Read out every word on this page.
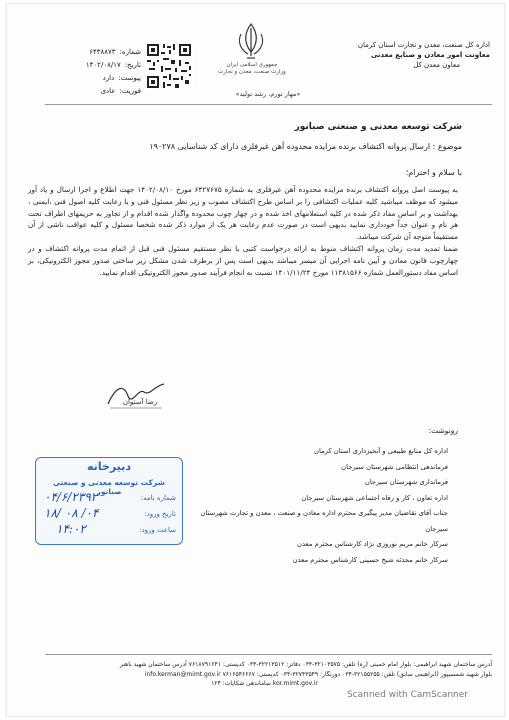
اداره کل صنعت، معدن و تجارت استان کرمان
معاونت امور معادن و صنایع معدنی
معاون معدن کل
جمهوری اسلامی ایران
وزارت صنعت، معدن و تجارت
شماره:
۶۴۳۸۸۷۳
تاریخ:
۱۴۰۲/۰۸/۱۷
پیوست:
دارد
فوریت:
عادی	«مهار تورم، رشد تولید»
شرکت توسعه معدنی و صنعتی صبانور
موضوع : ارسال پروانه اکتشاف برنده مزایده محدوده آهن غیرفلزی دارای کد شناسایی ۱۹۰۲۷۸
با سلام و احترام؛

به پیوست اصل پروانه اکتشاف برنده مزایده محدوده آهن غیرفلزی به شماره ۶۴۲۷۶۷۵ مورخ ۱۴۰۲/۰۸/۱۰ جهت اطلاع و اجرا ارسال و یاد آور میشود که موظف میباشید کلیه عملیات اکتشافی را بر اساس طرح اکتشاف مصوب و زیر نظر مسئول فنی و با رعایت کلیه اصول فنی ،ایمنی ، بهداشت و بر اساس مفاد ذکر شده در کلیه استعلامهای اخذ شده و در چهار چوب محدوده واگذار شده اقدام و از تجاوز به حریمهای اطراف تحت هر نام و عنوان جداً خودداری نمایید بدیهی است در صورت عدم رعایت هر یک از موارد ذکر شده شخصا مسئول و کلیه عواقب ناشی از آن مستقیماً متوجه آن شرکت میباشد.

ضمنا تمدید مدت زمان پروانه اکتشاف منوط به ارائه درخواست کتبی با نظر مستقیم مسئول فنی قبل از اتمام مدت پروانه اکتشاف و در چهارچوب قانون معادن و آیین نامه اجرایی آن میسر میباشد بدیهی است پس از برطرف شدن مشکل زیر ساختی صدور مجوز الکترونیکی، بر اساس مفاد دستورالعمل شماره ۱۱۳۸۱۵۶۶ مورخ ۱۴۰۱/۱۱/۲۴ نسبت به انجام فرآیند صدور مجوز الکترونیکی اقدام نمایید.

رضا آستوان
رونوشت:
اداره کل منابع طبیعی و آبخیزداری استان کرمان
فرماندهی انتظامی شهرستان سیرجان
فرمانداری شهرستان سیرجان
اداره تعاون ، کار و رفاه اجتماعی شهرستان سیرجان
جناب آقای نقاضیان مدیر پیگیری محترم اداره معادن و صنعت ، معدن و تجارت شهرستان سیرجان
سرکار خانم مریم نوروزی نژاد کارشناس محترم معدن
سرکار خانم محدثه شیخ حسینی کارشناس محترم معدن
دبیرخانه
شرکت توسعه معدنی و صنعتی صبانور
شماره نامه:
تاریخ ورود:
ساعت ورود:
۰۴/۶/۲۳۹۲
۱۸/ ۰۸ /۰۴
۱۴:۰۲
آدرس ساختمان شهید ابراهیمی: بلوار امام خمینی (ره) تلفن: ۳۲۱۰۳۵۷۵-۰۳۴ دفاتر: ۳۲۲۱۳۵۱۲-۰۳۴ کدپستی: ۷۶۱۸۷۹۱۶۴۱ آدرس ساختمان شهید باهنر
بلوار شهید شمسیپور (ابراهیمی سابق) تلفن: ۳۲۱۵۵۲۵۵-۰۳۴ دورنگار: ۳۲۷۴۳۵۴۹-۰۳۴ کدپستی: ۷۶۱۶۵۴۶۶۶۷ info.kerman@mimt.gov.ir
kor.mimt.gov.ir ساماندهی شکایات: ۱۲۴
Scanned with CamScanner
